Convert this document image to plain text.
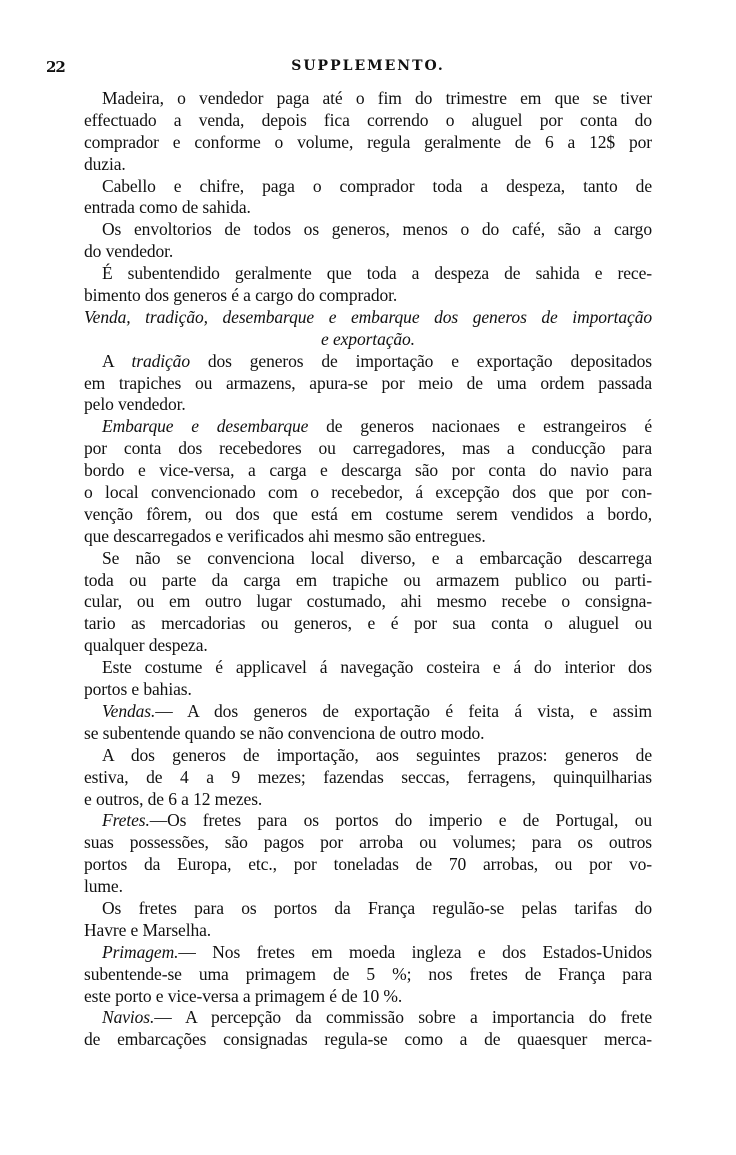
22	SUPPLEMENTO.
Madeira, o vendedor paga até o fim do trimestre em que se tiver
effectuado a venda, depois fica correndo o aluguel por conta do
comprador e conforme o volume, regula geralmente de 6 a 12$ por
duzia.
Cabello e chifre, paga o comprador toda a despeza, tanto de
entrada como de sahida.
Os envoltorios de todos os generos, menos o do café, são a cargo
do vendedor.
É subentendido geralmente que toda a despeza de sahida e rece-
bimento dos generos é a cargo do comprador.
Venda, tradição, desembarque e embarque dos generos de importação
e exportação.
A tradição dos generos de importação e exportação depositados
em trapiches ou armazens, apura-se por meio de uma ordem passada
pelo vendedor.
Embarque e desembarque de generos nacionaes e estrangeiros é
por conta dos recebedores ou carregadores, mas a conducção para
bordo e vice-versa, a carga e descarga são por conta do navio para
o local convencionado com o recebedor, á excepção dos que por con-
venção fôrem, ou dos que está em costume serem vendidos a bordo,
que descarregados e verificados ahi mesmo são entregues.
Se não se convenciona local diverso, e a embarcação descarrega
toda ou parte da carga em trapiche ou armazem publico ou parti-
cular, ou em outro lugar costumado, ahi mesmo recebe o consigna-
tario as mercadorias ou generos, e é por sua conta o aluguel ou
qualquer despeza.
Este costume é applicavel á navegação costeira e á do interior dos
portos e bahias.
Vendas.— A dos generos de exportação é feita á vista, e assim
se subentende quando se não convenciona de outro modo.
A dos generos de importação, aos seguintes prazos: generos de
estiva, de 4 a 9 mezes; fazendas seccas, ferragens, quinquilharias
e outros, de 6 a 12 mezes.
Fretes.—Os fretes para os portos do imperio e de Portugal, ou
suas possessões, são pagos por arroba ou volumes; para os outros
portos da Europa, etc., por toneladas de 70 arrobas, ou por vo-
lume.
Os fretes para os portos da França regulão-se pelas tarifas do
Havre e Marselha.
Primagem.— Nos fretes em moeda ingleza e dos Estados-Unidos
subentende-se uma primagem de 5 %; nos fretes de França para
este porto e vice-versa a primagem é de 10 %.
Navios.— A percepção da commissão sobre a importancia do frete
de embarcações consignadas regula-se como a de quaesquer merca-
